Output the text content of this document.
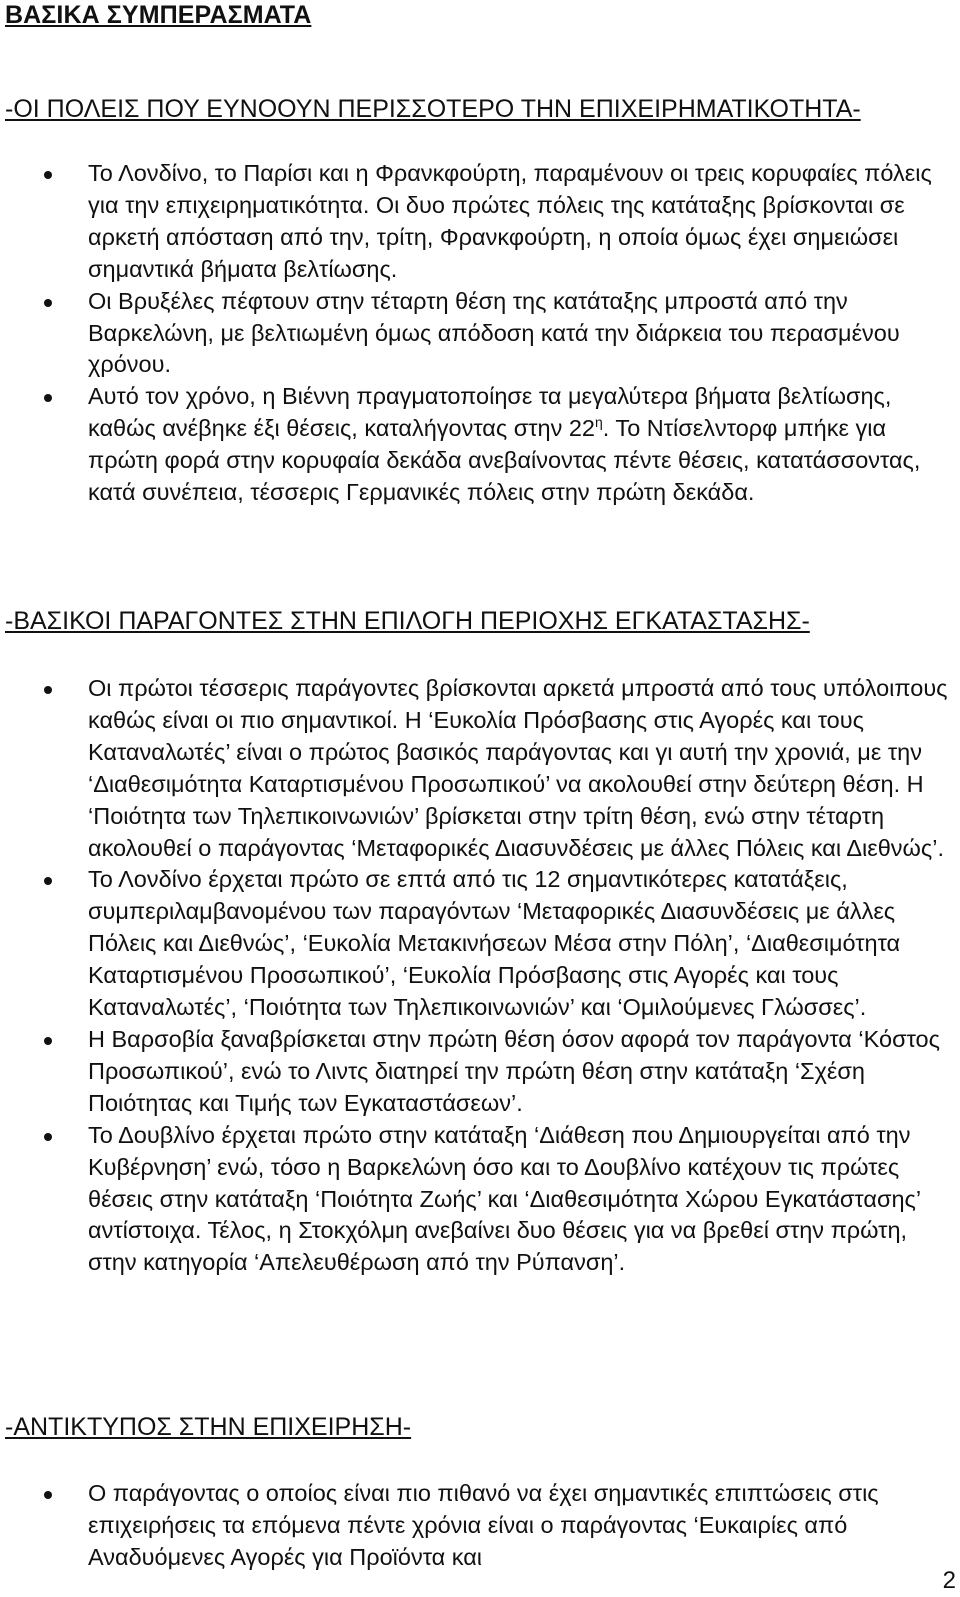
ΒΑΣΙΚΑ ΣΥΜΠΕΡΑΣΜΑΤΑ
-ΟΙ ΠΟΛΕΙΣ ΠΟΥ ΕΥΝΟΟΥΝ ΠΕΡΙΣΣΟΤΕΡΟ ΤΗΝ ΕΠΙΧΕΙΡΗΜΑΤΙΚΟΤΗΤΑ-
Το Λονδίνο, το Παρίσι και η Φρανκφούρτη, παραμένουν οι τρεις κορυφαίες πόλεις για την επιχειρηματικότητα. Οι δυο πρώτες πόλεις της κατάταξης βρίσκονται σε αρκετή απόσταση από την, τρίτη, Φρανκφούρτη, η οποία όμως έχει σημειώσει σημαντικά βήματα βελτίωσης.
Οι Βρυξέλες πέφτουν στην τέταρτη θέση της κατάταξης μπροστά από την Βαρκελώνη, με βελτιωμένη όμως απόδοση κατά την διάρκεια του περασμένου χρόνου.
Αυτό τον χρόνο, η Βιέννη πραγματοποίησε τα μεγαλύτερα βήματα βελτίωσης, καθώς ανέβηκε έξι θέσεις, καταλήγοντας στην $22^\eta$. Το Ντίσελντορφ μπήκε για πρώτη φορά στην κορυφαία δεκάδα ανεβαίνοντας πέντε θέσεις, κατατάσσοντας, κατά συνέπεια, τέσσερις Γερμανικές πόλεις στην πρώτη δεκάδα.
-ΒΑΣΙΚΟΙ ΠΑΡΑΓΟΝΤΕΣ ΣΤΗΝ ΕΠΙΛΟΓΗ ΠΕΡΙΟΧΗΣ ΕΓΚΑΤΑΣΤΑΣΗΣ-
Οι πρώτοι τέσσερις παράγοντες βρίσκονται αρκετά μπροστά από τους υπόλοιπους καθώς είναι οι πιο σημαντικοί. Η ‘Ευκολία Πρόσβασης στις Αγορές και τους Καταναλωτές’ είναι ο πρώτος βασικός παράγοντας και γι αυτή την χρονιά, με την ‘Διαθεσιμότητα Καταρτισμένου Προσωπικού’ να ακολουθεί στην δεύτερη θέση. Η ‘Ποιότητα των Τηλεπικοινωνιών’ βρίσκεται στην τρίτη θέση, ενώ στην τέταρτη ακολουθεί ο παράγοντας ‘Μεταφορικές Διασυνδέσεις με άλλες Πόλεις και Διεθνώς’.
Το Λονδίνο έρχεται πρώτο σε επτά από τις 12 σημαντικότερες κατατάξεις, συμπεριλαμβανομένου των παραγόντων ‘Μεταφορικές Διασυνδέσεις με άλλες Πόλεις και Διεθνώς’, ‘Ευκολία Μετακινήσεων Μέσα στην Πόλη’, ‘Διαθεσιμότητα Καταρτισμένου Προσωπικού’, ‘Ευκολία Πρόσβασης στις Αγορές και τους Καταναλωτές’, ‘Ποιότητα των Τηλεπικοινωνιών’ και ‘Ομιλούμενες Γλώσσες’.
Η Βαρσοβία ξαναβρίσκεται στην πρώτη θέση όσον αφορά τον παράγοντα ‘Κόστος Προσωπικού’, ενώ το Λιντς διατηρεί την πρώτη θέση στην κατάταξη ‘Σχέση Ποιότητας και Τιμής των Εγκαταστάσεων’.
Το Δουβλίνο έρχεται πρώτο στην κατάταξη ‘Διάθεση που Δημιουργείται από την Κυβέρνηση’ ενώ, τόσο η Βαρκελώνη όσο και το Δουβλίνο κατέχουν τις πρώτες θέσεις στην κατάταξη ‘Ποιότητα Ζωής’ και ‘Διαθεσιμότητα Χώρου Εγκατάστασης’ αντίστοιχα. Τέλος, η Στοκχόλμη ανεβαίνει δυο θέσεις για να βρεθεί στην πρώτη, στην κατηγορία ‘Απελευθέρωση από την Ρύπανση’.
-ΑΝΤΙΚΤΥΠΟΣ ΣΤΗΝ ΕΠΙΧΕΙΡΗΣΗ-
Ο παράγοντας ο οποίος είναι πιο πιθανό να έχει σημαντικές επιπτώσεις στις επιχειρήσεις τα επόμενα πέντε χρόνια είναι ο παράγοντας ‘Ευκαιρίες από Αναδυόμενες Αγορές για Προϊόντα και
2
